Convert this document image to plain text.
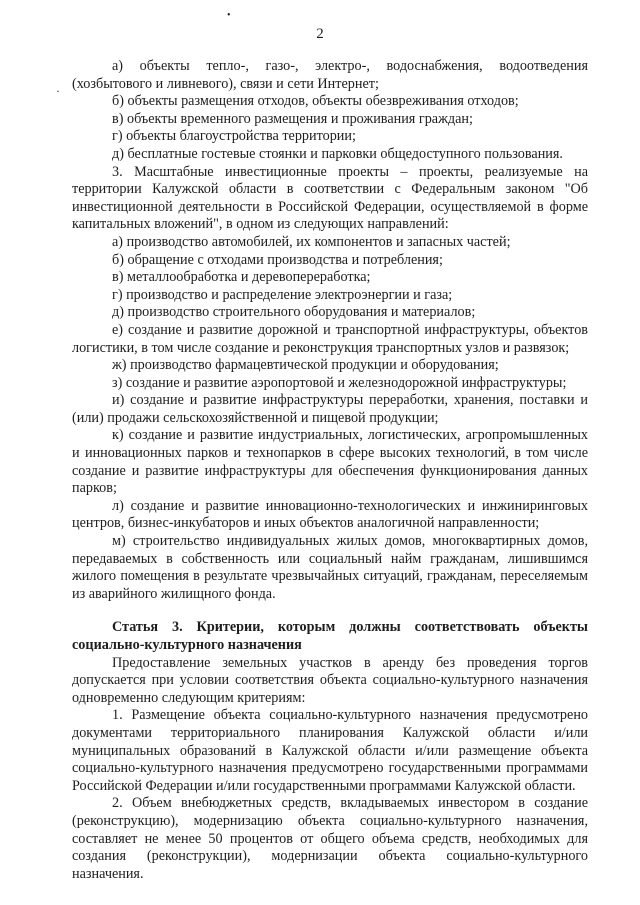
•
·
2

а) объекты тепло-, газо-, электро-, водоснабжения, водоотведения (хозбытового и ливневого), связи и сети Интернет;

б) объекты размещения отходов, объекты обезвреживания отходов;

в) объекты временного размещения и проживания граждан;

г) объекты благоустройства территории;

д) бесплатные гостевые стоянки и парковки общедоступного пользования.

3. Масштабные инвестиционные проекты – проекты, реализуемые на территории Калужской области в соответствии с Федеральным законом "Об инвестиционной деятельности в Российской Федерации, осуществляемой в форме капитальных вложений", в одном из следующих направлений:

а) производство автомобилей, их компонентов и запасных частей;

б) обращение с отходами производства и потребления;

в) металлообработка и деревопереработка;

г) производство и распределение электроэнергии и газа;

д) производство строительного оборудования и материалов;

е) создание и развитие дорожной и транспортной инфраструктуры, объектов логистики, в том числе создание и реконструкция транспортных узлов и развязок;

ж) производство фармацевтической продукции и оборудования;

з) создание и развитие аэропортовой и железнодорожной инфраструктуры;

и) создание и развитие инфраструктуры переработки, хранения, поставки и (или) продажи сельскохозяйственной и пищевой продукции;

к) создание и развитие индустриальных, логистических, агропромышленных и инновационных парков и технопарков в сфере высоких технологий, в том числе создание и развитие инфраструктуры для обеспечения функционирования данных парков;

л) создание и развитие инновационно-технологических и инжиниринговых центров, бизнес-инкубаторов и иных объектов аналогичной направленности;

м) строительство индивидуальных жилых домов, многоквартирных домов, передаваемых в собственность или социальный найм гражданам, лишившимся жилого помещения в результате чрезвычайных ситуаций, гражданам, переселяемым из аварийного жилищного фонда.

Статья 3. Критерии, которым должны соответствовать объекты социально-культурного назначения

Предоставление земельных участков в аренду без проведения торгов допускается при условии соответствия объекта социально-культурного назначения одновременно следующим критериям:

1. Размещение объекта социально-культурного назначения предусмотрено документами территориального планирования Калужской области и/или муниципальных образований в Калужской области и/или размещение объекта социально-культурного назначения предусмотрено государственными программами Российской Федерации и/или государственными программами Калужской области.

2. Объем внебюджетных средств, вкладываемых инвестором в создание (реконструкцию), модернизацию объекта социально-культурного назначения, составляет не менее 50 процентов от общего объема средств, необходимых для создания (реконструкции), модернизации объекта социально-культурного назначения.
